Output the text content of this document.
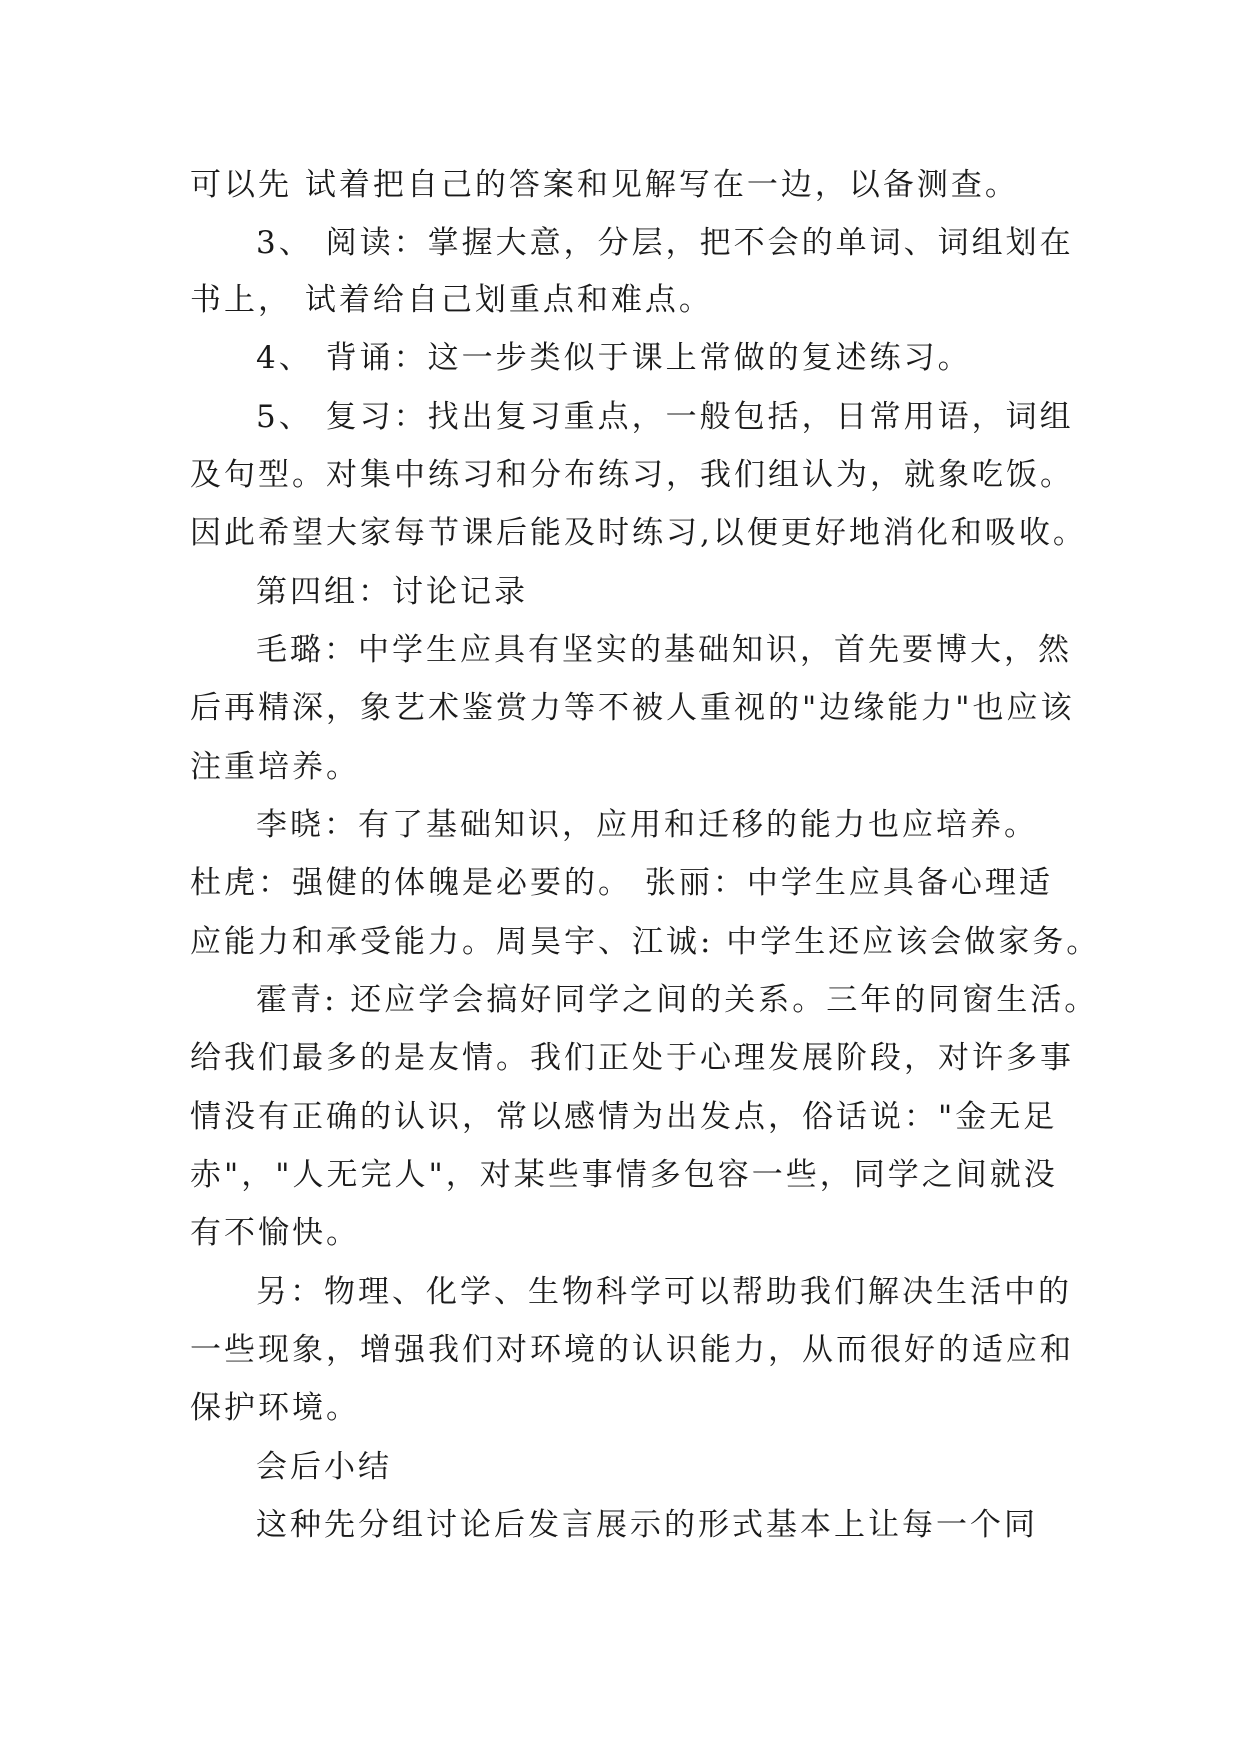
可以先 试着把自己的答案和见解写在一边，以备测查。
3、 阅读：掌握大意，分层，把不会的单词、词组划在
书上， 试着给自己划重点和难点。
4、 背诵：这一步类似于课上常做的复述练习。
5、 复习：找出复习重点，一般包括，日常用语，词组
及句型。对集中练习和分布练习，我们组认为，就象吃饭。
因此希望大家每节课后能及时练习,以便更好地消化和吸收。
第四组：讨论记录
毛璐：中学生应具有坚实的基础知识，首先要博大，然
后再精深，象艺术鉴赏力等不被人重视的"边缘能力"也应该
注重培养。
李晓：有了基础知识，应用和迁移的能力也应培养。
杜虎：强健的体魄是必要的。 张丽：中学生应具备心理适
应能力和承受能力。周昊宇、江诚: 中学生还应该会做家务。
霍青: 还应学会搞好同学之间的关系。三年的同窗生活。
给我们最多的是友情。我们正处于心理发展阶段，对许多事
情没有正确的认识，常以感情为出发点，俗话说："金无足
赤"，"人无完人"，对某些事情多包容一些，同学之间就没
有不愉快。
另：物理、化学、生物科学可以帮助我们解决生活中的
一些现象，增强我们对环境的认识能力，从而很好的适应和
保护环境。
会后小结
这种先分组讨论后发言展示的形式基本上让每一个同
